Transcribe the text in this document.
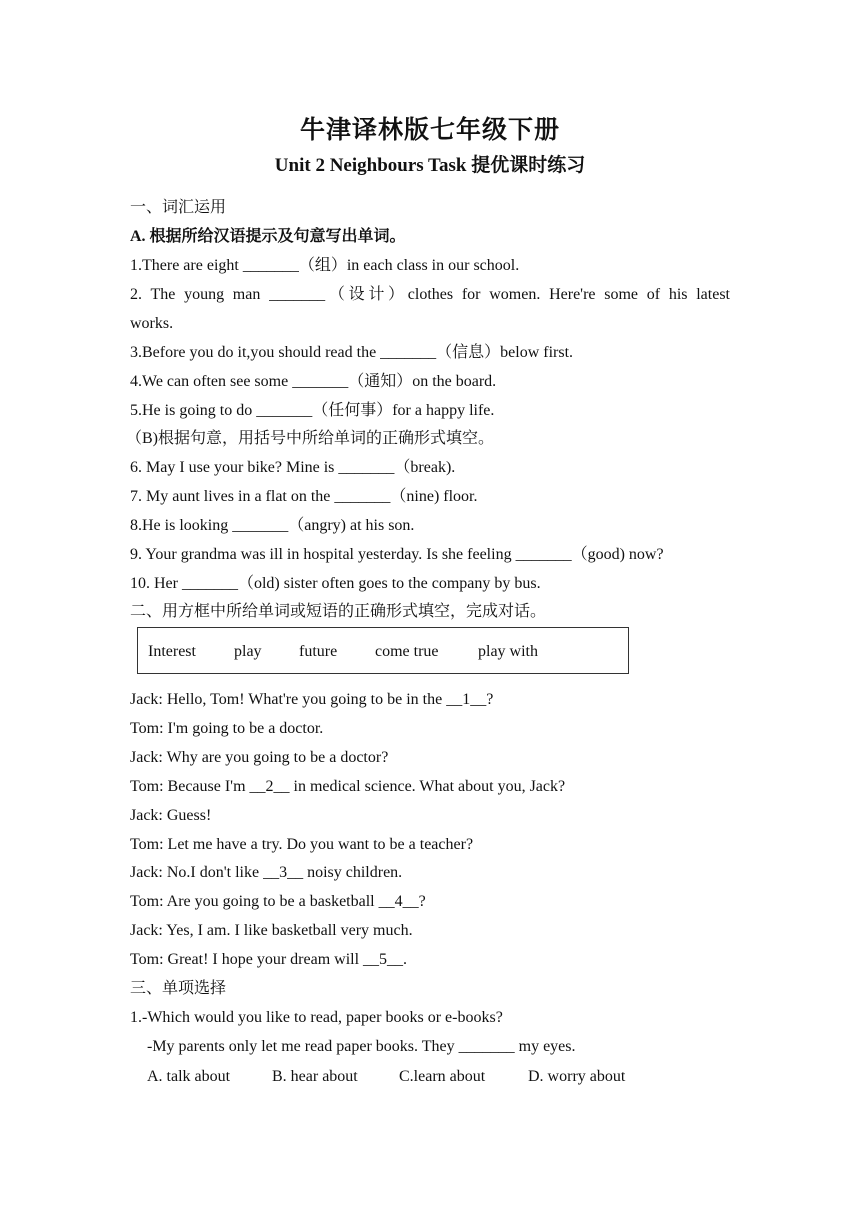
牛津译林版七年级下册
Unit 2 Neighbours Task 提优课时练习
一、词汇运用
A. 根据所给汉语提示及句意写出单词。
1.There are eight _______（组）in each class in our school.
2. The young man _______（设计）clothes for women. Here're some of his latest
works.
3.Before you do it,you should read the _______（信息）below first.
4.We can often see some _______（通知）on the board.
5.He is going to do _______（任何事）for a happy life.
（B)根据句意，用括号中所给单词的正确形式填空。
6. May I use your bike? Mine is _______（break).
7. My aunt lives in a flat on the _______（nine) floor.
8.He is looking _______（angry) at his son.
9. Your grandma was ill in hospital yesterday. Is she feeling _______（good) now?
10. Her _______（old) sister often goes to the company by bus.
二、用方框中所给单词或短语的正确形式填空，完成对话。
Interest play future come true play with
Jack: Hello, Tom! What're you going to be in the __1__?
Tom: I'm going to be a doctor.
Jack: Why are you going to be a doctor?
Tom: Because I'm __2__ in medical science. What about you, Jack?
Jack: Guess!
Tom: Let me have a try. Do you want to be a teacher?
Jack: No.I don't like __3__ noisy children.
Tom: Are you going to be a basketball __4__?
Jack: Yes, I am. I like basketball very much.
Tom: Great! I hope your dream will __5__.
三、单项选择
1.-Which would you like to read, paper books or e-books?
-My parents only let me read paper books. They _______ my eyes.
A. talk about	B. hear about	C.learn about	D. worry about
